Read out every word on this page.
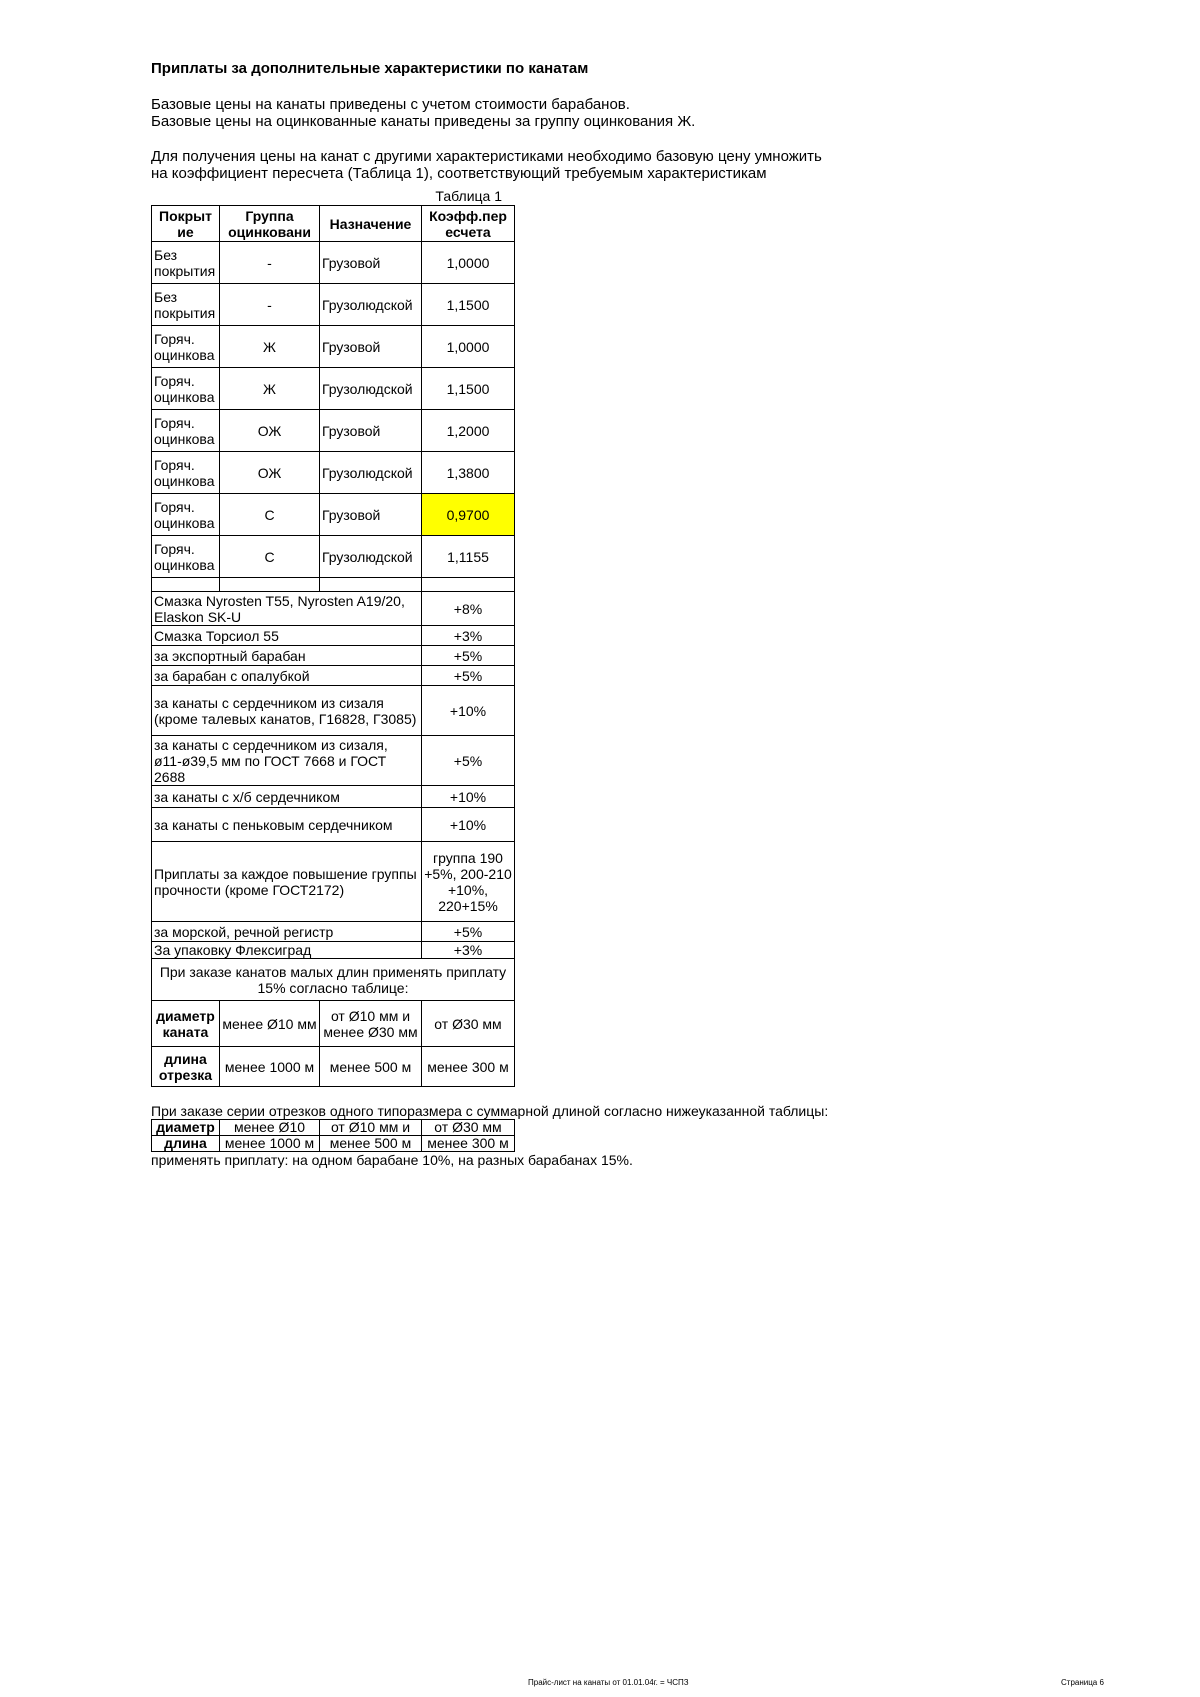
Приплаты за дополнительные характеристики по канатам

Базовые цены на канаты приведены с учетом стоимости барабанов.

Базовые цены на оцинкованные канаты приведены за группу оцинкования Ж.

Для получения цены на канат с другими характеристиками необходимо базовую цену умножить

на коэффициент пересчета (Таблица 1), соответствующий требуемым характеристикам

Таблица 1
Покрыт ие	Группа оцинковани	Назначение	Коэфф.пер есчета
Без покрытия	-	Грузовой	1,0000
Без покрытия	-	Грузолюдской	1,1500
Горяч. оцинкова	Ж	Грузовой	1,0000
Горяч. оцинкова	Ж	Грузолюдской	1,1500
Горяч. оцинкова	ОЖ	Грузовой	1,2000
Горяч. оцинкова	ОЖ	Грузолюдской	1,3800
Горяч. оцинкова	С	Грузовой	0,9700
Горяч. оцинкова	С	Грузолюдской	1,1155

Смазка Nyrosten T55, Nyrosten A19/20, Elaskon SK-U			+8%
Смазка Торсиол 55			+3%
за экспортный барабан			+5%
за барабан с опалубкой			+5%
за канаты с сердечником из сизаля (кроме талевых канатов, Г16828, Г3085)			+10%
за канаты с сердечником из сизаля, ø11-ø39,5 мм по ГОСТ 7668 и ГОСТ 2688			+5%
за канаты с х/б сердечником			+10%
за канаты с пеньковым сердечником			+10%
Приплаты за каждое повышение группы прочности (кроме ГОСТ2172)			группа 190 +5%, 200-210 +10%, 220+15%
за морской, речной регистр			+5%
За упаковку Флексиград			+3%
При заказе канатов малых длин применять приплату 15% согласно таблице:			
диаметр каната	менее Ø10 мм	от Ø10 мм и менее Ø30 мм	от Ø30 мм
длина отрезка	менее 1000 м	менее 500 м	менее 300 м

При заказе серии отрезков одного типоразмера с суммарной длиной согласно нижеуказанной таблицы:

диаметр	менее Ø10	от Ø10 мм и	от Ø30 мм
длина	менее 1000 м	менее 500 м	менее 300 м

применять приплату: на одном барабане 10%, на разных барабанах 15%.

Прайс-лист на канаты от 01.01.04г. = ЧСПЗ	Страница 6
